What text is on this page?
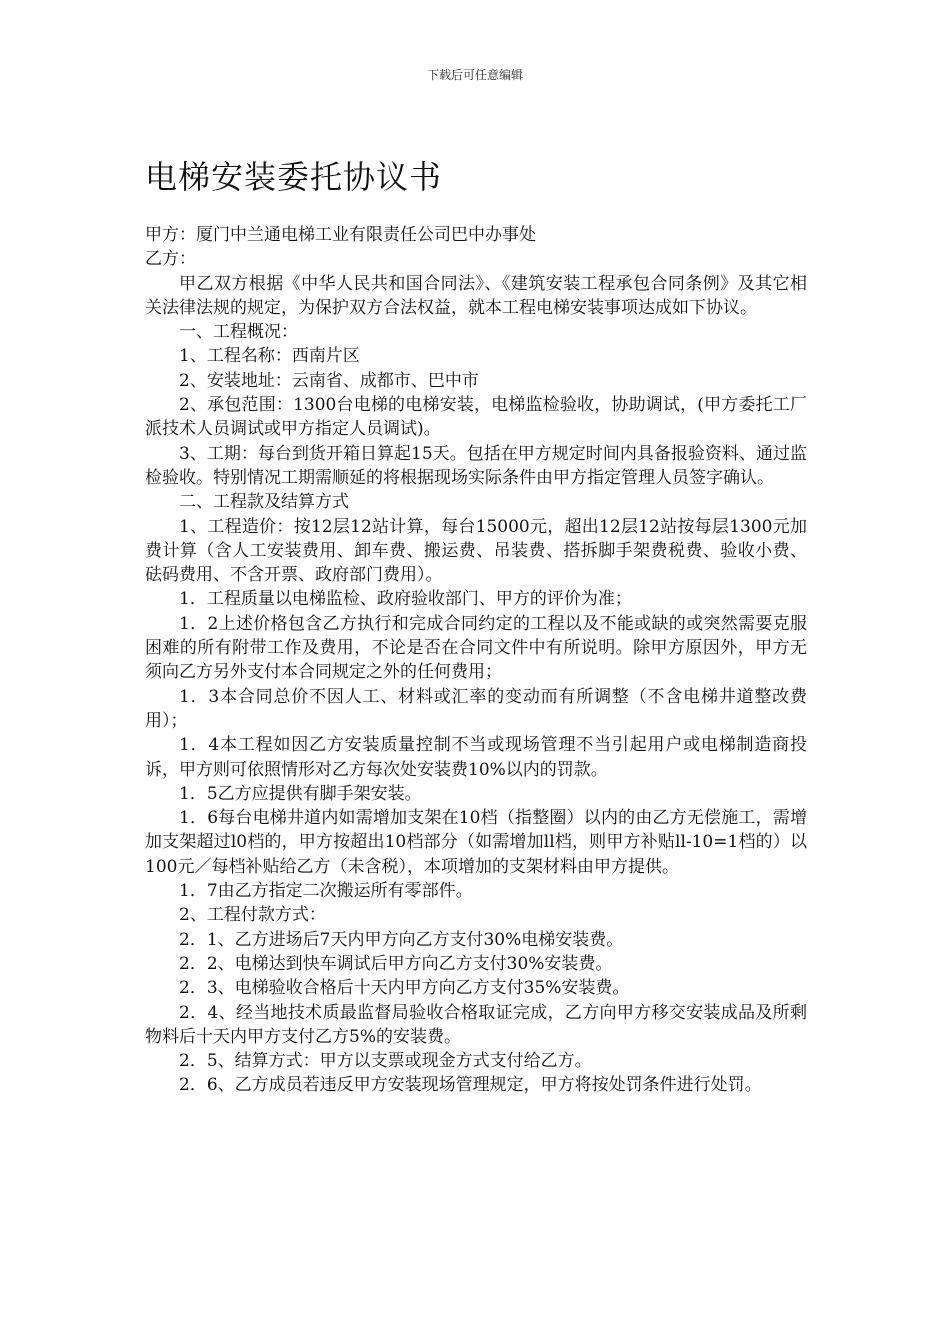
下载后可任意编辑
电梯安装委托协议书

甲方：厦门中兰通电梯工业有限责任公司巴中办事处

乙方：

甲乙双方根据《中华人民共和国合同法》、《建筑安装工程承包合同条例》及其它相关法律法规的规定，为保护双方合法权益，就本工程电梯安装事项达成如下协议。

一、工程概况：

1、工程名称：西南片区

2、安装地址：云南省、成都市、巴中市

2、承包范围：1300台电梯的电梯安装，电梯监检验收，协助调试，(甲方委托工厂派技术人员调试或甲方指定人员调试)。

3、工期：每台到货开箱日算起15天。包括在甲方规定时间内具备报验资料、通过监检验收。特别情况工期需顺延的将根据现场实际条件由甲方指定管理人员签字确认。

二、工程款及结算方式

1、工程造价：按12层12站计算，每台15000元，超出12层12站按每层1300元加费计算（含人工安装费用、卸车费、搬运费、吊装费、搭拆脚手架费税费、验收小费、砝码费用、不含开票、政府部门费用）。

1．工程质量以电梯监检、政府验收部门、甲方的评价为准；

1．2上述价格包含乙方执行和完成合同约定的工程以及不能或缺的或突然需要克服困难的所有附带工作及费用，不论是否在合同文件中有所说明。除甲方原因外，甲方无须向乙方另外支付本合同规定之外的任何费用；

1．3本合同总价不因人工、材料或汇率的变动而有所调整（不含电梯井道整改费用）；

1．4本工程如因乙方安装质量控制不当或现场管理不当引起用户或电梯制造商投诉，甲方则可依照情形对乙方每次处安装费10%以内的罚款。

1．5乙方应提供有脚手架安装。

1．6每台电梯井道内如需增加支架在10档（指整圈）以内的由乙方无偿施工，需增加支架超过l0档的，甲方按超出10档部分（如需增加ll档，则甲方补贴ll-10=1档的）以100元／每档补贴给乙方（未含税），本项增加的支架材料由甲方提供。

1．7由乙方指定二次搬运所有零部件。

2、工程付款方式：

2．1、乙方进场后7天内甲方向乙方支付30%电梯安装费。

2．2、电梯达到快车调试后甲方向乙方支付30%安装费。

2．3、电梯验收合格后十天内甲方向乙方支付35%安装费。

2．4、经当地技术质最监督局验收合格取证完成，乙方向甲方移交安装成品及所剩物料后十天内甲方支付乙方5%的安装费。

2．5、结算方式：甲方以支票或现金方式支付给乙方。

2．6、乙方成员若违反甲方安装现场管理规定，甲方将按处罚条件进行处罚。
